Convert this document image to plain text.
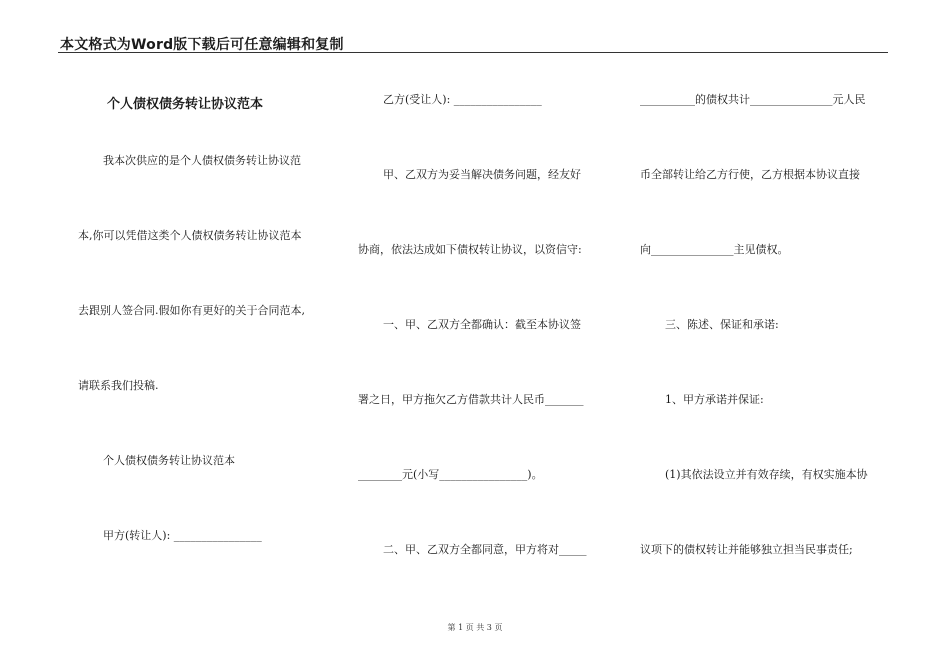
本文格式为Word版下载后可任意编辑和复制
个人债权债务转让协议范本
我本次供应的是个人债权债务转让协议范
本,你可以凭借这类个人债权债务转让协议范本
去跟别人签合同.假如你有更好的关于合同范本,
请联系我们投稿.
个人债权债务转让协议范本
甲方(转让人): ________________
乙方(受让人): ________________
甲、乙双方为妥当解决债务问题，经友好
协商，依法达成如下债权转让协议，以资信守:
一、甲、乙双方全都确认：截至本协议签
署之日，甲方拖欠乙方借款共计人民币_______
________元(小写________________)。
二、甲、乙双方全都同意，甲方将对_____
__________的债权共计_______________元人民
币全部转让给乙方行使，乙方根据本协议直接
向_______________主见债权。
三、陈述、保证和承诺:
1、甲方承诺并保证:
(1)其依法设立并有效存续，有权实施本协
议项下的债权转让并能够独立担当民事责任;
第 1 页 共 3 页
